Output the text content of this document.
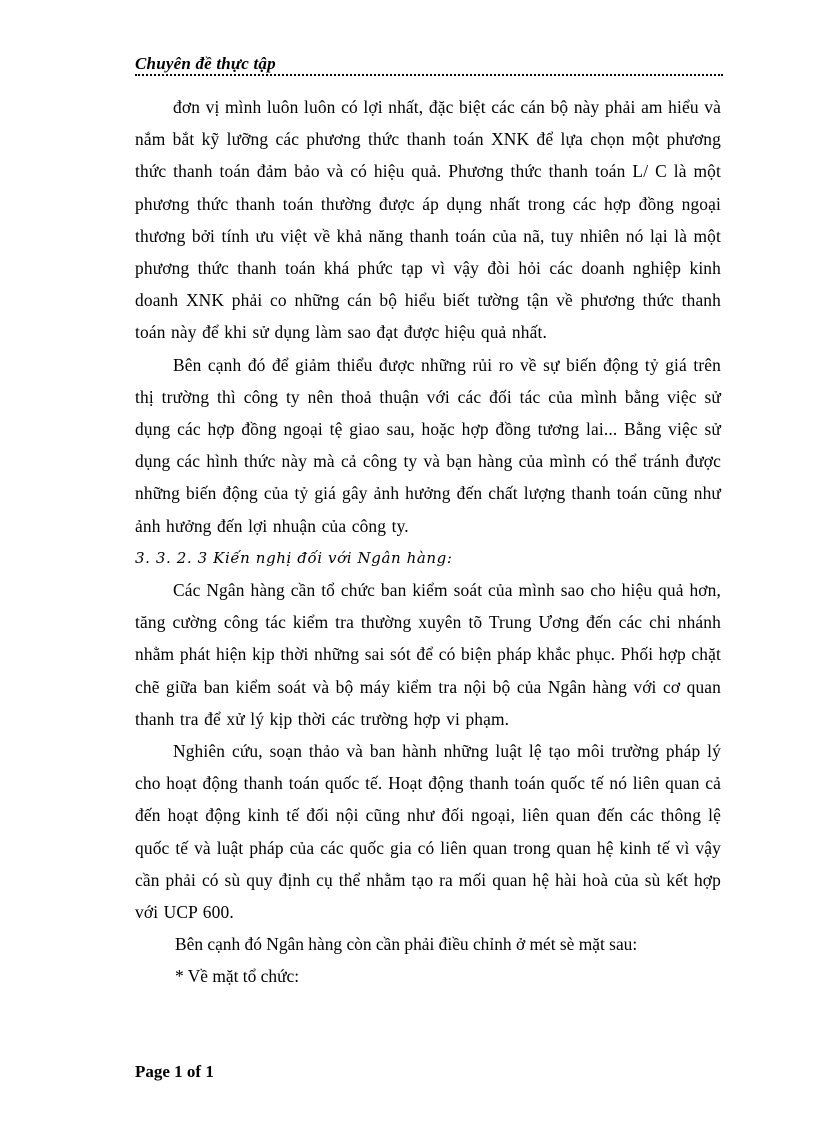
Chuyên đề thực tập

đơn vị mình luôn luôn có lợi nhất, đặc biệt các cán bộ này phải am hiểu và nắm bắt kỹ lưỡng các phương thức thanh toán XNK để lựa chọn một phương thức thanh toán đảm bảo và có hiệu quả. Phương thức thanh toán L/ C là một phương thức thanh toán thường được áp dụng nhất trong các hợp đồng ngoại thương bởi tính ưu việt về khả năng thanh toán của nã, tuy nhiên nó lại là một phương thức thanh toán khá phức tạp vì vậy đòi hỏi các doanh nghiệp kinh doanh XNK phải co những cán bộ hiểu biết tường tận về phương thức thanh toán này để khi sử dụng làm sao đạt được hiệu quả nhất.

Bên cạnh đó để giảm thiểu được những rủi ro về sự biến động tỷ giá trên thị trường thì công ty nên thoả thuận với các đối tác của mình bằng việc sử dụng các hợp đồng ngoại tệ giao sau, hoặc hợp đồng tương lai... Bằng việc sử dụng các hình thức này mà cả công ty và bạn hàng của mình có thể tránh được những biến động của tỷ giá gây ảnh hưởng đến chất lượng thanh toán cũng như ảnh hưởng đến lợi nhuận của công ty.

3. 3. 2. 3 Kiến nghị đối với Ngân hàng:

Các Ngân hàng cần tổ chức ban kiểm soát của mình sao cho hiệu quả hơn, tăng cường công tác kiểm tra thường xuyên tõ Trung Ương đến các chi nhánh nhằm phát hiện kịp thời những sai sót để có biện pháp khắc phục. Phối hợp chặt chẽ giữa ban kiểm soát và bộ máy kiểm tra nội bộ của Ngân hàng với cơ quan thanh tra để xử lý kịp thời các trường hợp vi phạm.

Nghiên cứu, soạn thảo và ban hành những luật lệ tạo môi trường pháp lý cho hoạt động thanh toán quốc tế. Hoạt động thanh toán quốc tế nó liên quan cả đến hoạt động kinh tế đối nội cũng như đối ngoại, liên quan đến các thông lệ quốc tế và luật pháp của các quốc gia có liên quan trong quan hệ kinh tế vì vậy cần phải có sù quy định cụ thể nhằm tạo ra mối quan hệ hài hoà của sù kết hợp với UCP 600.

Bên cạnh đó Ngân hàng còn cần phải điều chỉnh ở mét sè mặt sau:

* Về mặt tổ chức:

Page 1 of 1
